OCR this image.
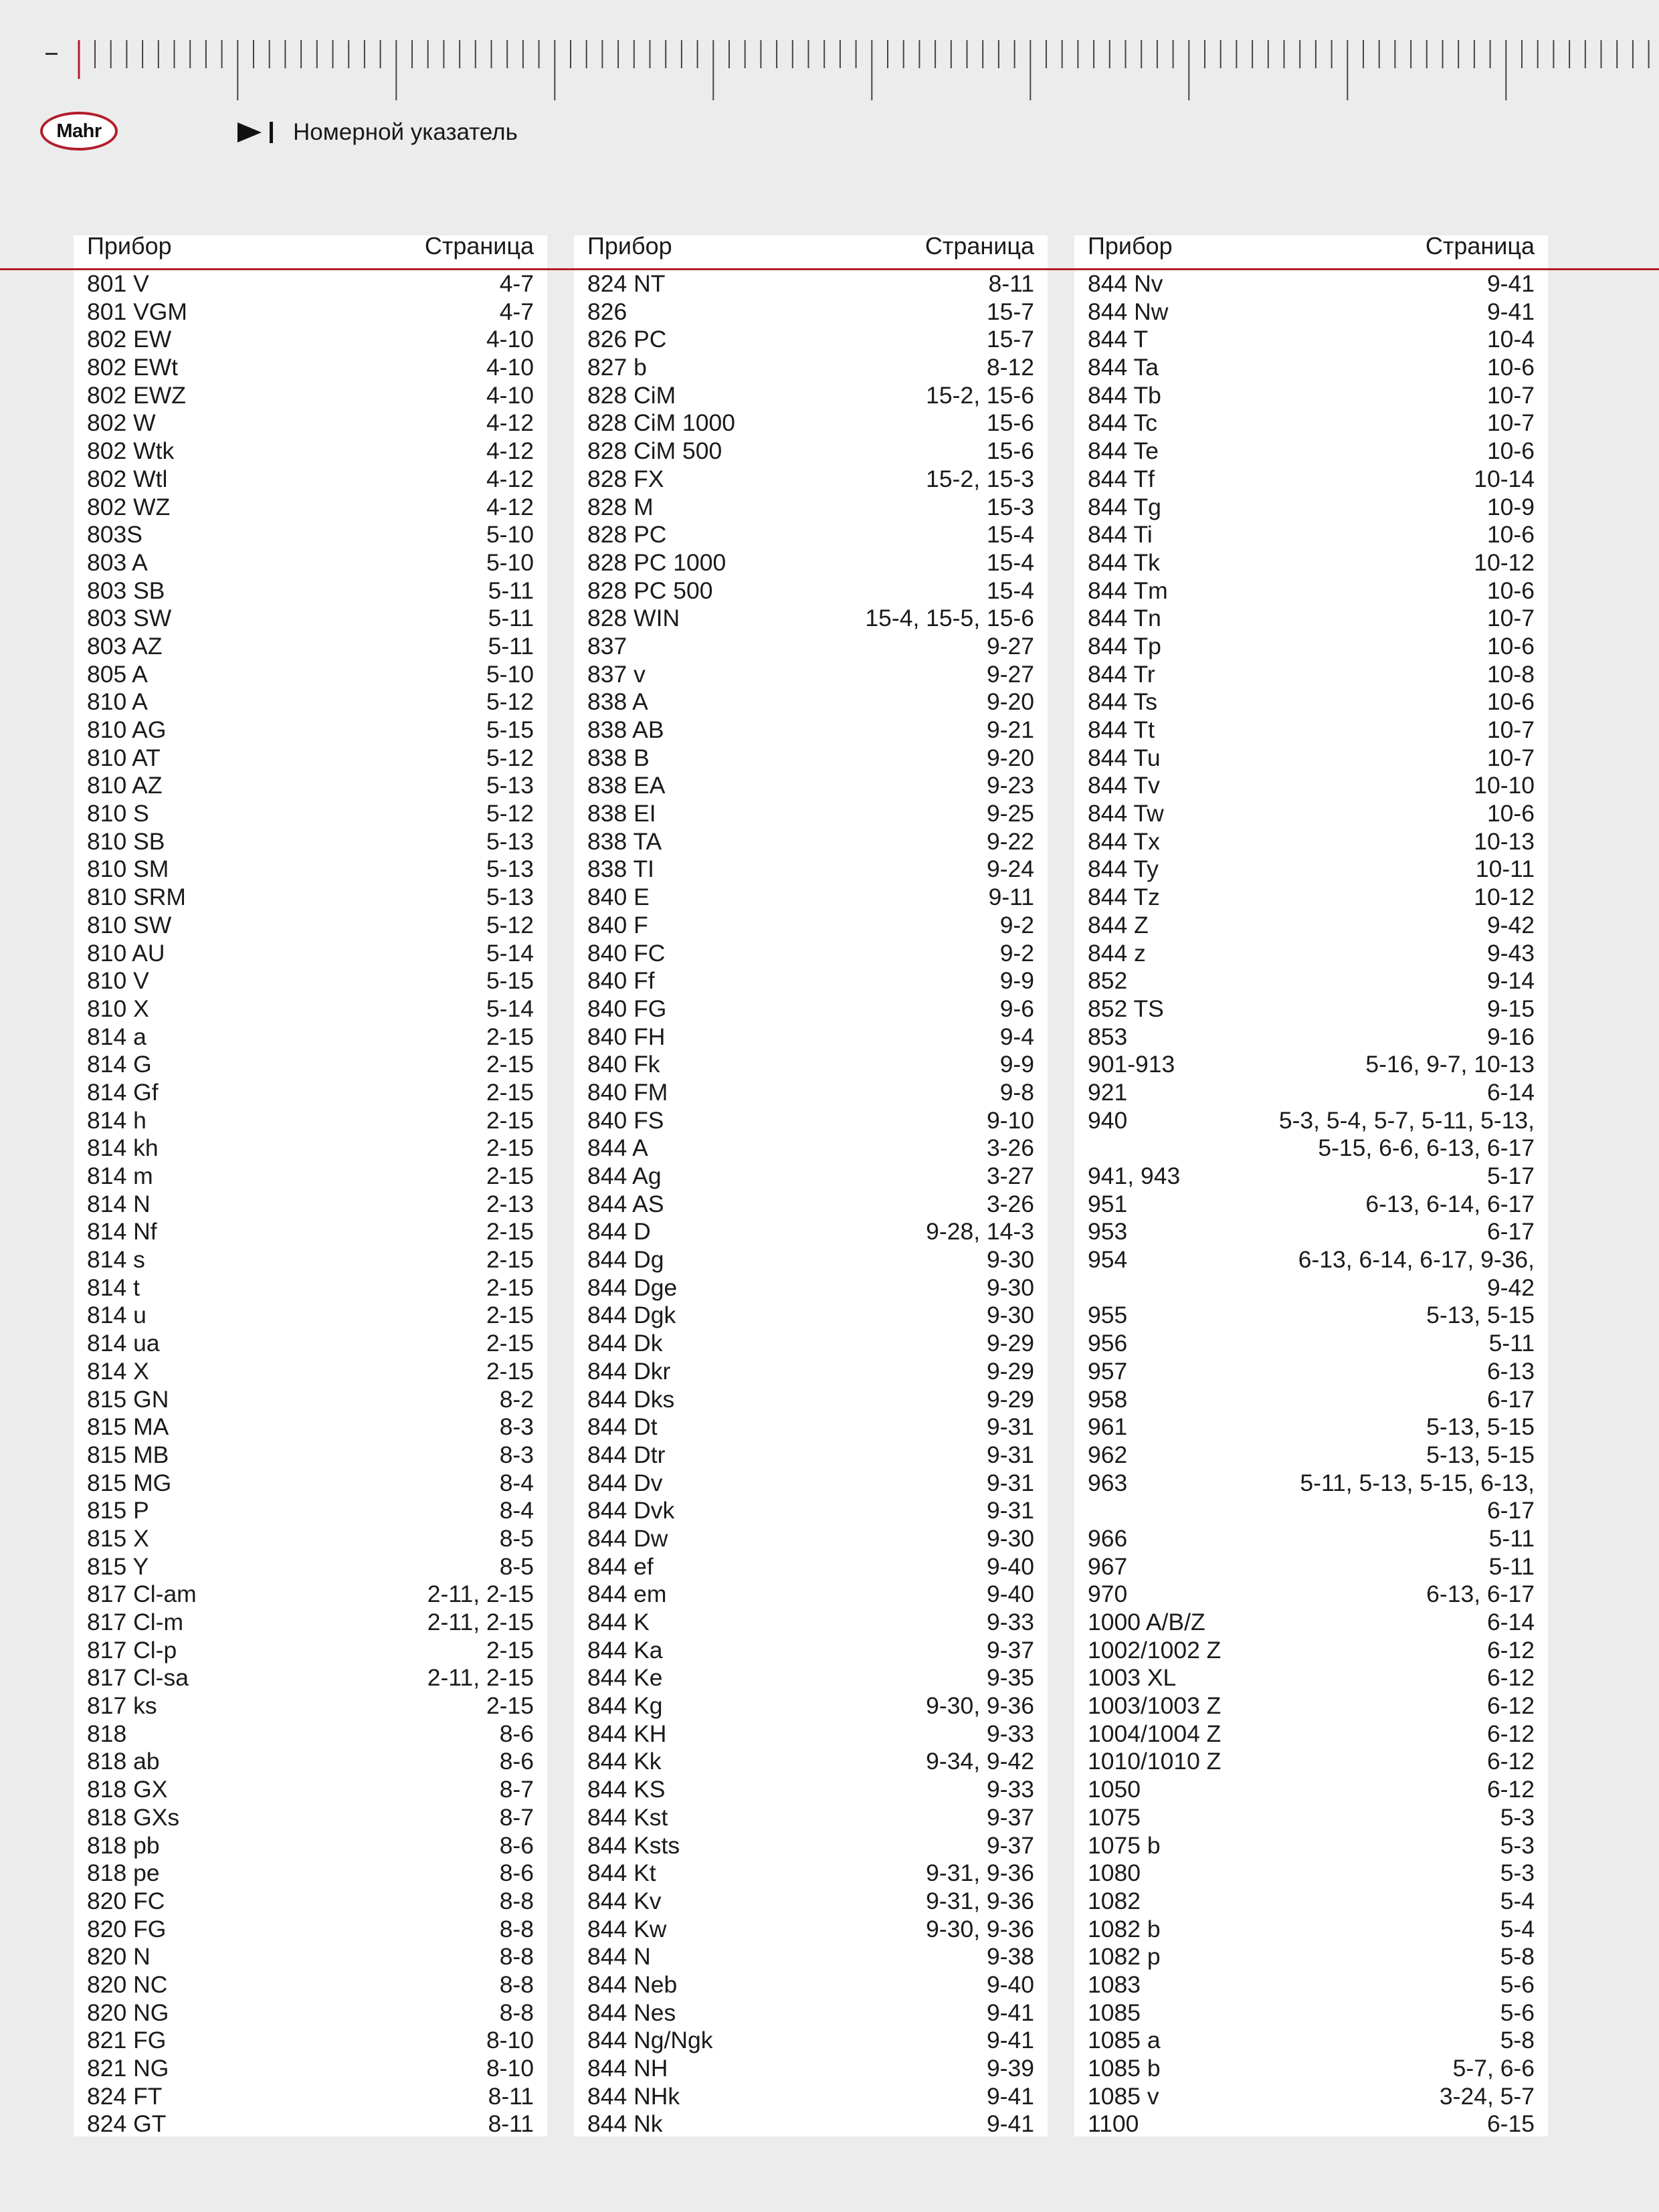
Mahr	Номерной указатель
Прибор	Страница Прибор	Страница Прибор	Страница
801 V	4-7
801 VGM	4-7
802 EW	4-10
802 EWt	4-10
802 EWZ	4-10
802 W	4-12
802 Wtk	4-12
802 Wtl	4-12
802 WZ	4-12
803S	5-10
803 A	5-10
803 SB	5-11
803 SW	5-11
803 AZ	5-11
805 A	5-10
810 A	5-12
810 AG	5-15
810 AT	5-12
810 AZ	5-13
810 S	5-12
810 SB	5-13
810 SM	5-13
810 SRM	5-13
810 SW	5-12
810 AU	5-14
810 V	5-15
810 X	5-14
814 a	2-15
814 G	2-15
814 Gf	2-15
814 h	2-15
814 kh	2-15
814 m	2-15
814 N	2-13
814 Nf	2-15
814 s	2-15
814 t	2-15
814 u	2-15
814 ua	2-15
814 X	2-15
815 GN	8-2
815 MA	8-3
815 MB	8-3
815 MG	8-4
815 P	8-4
815 X	8-5
815 Y	8-5
817 Cl-am	2-11, 2-15
817 Cl-m	2-11, 2-15
817 Cl-p	2-15
817 Cl-sa	2-11, 2-15
817 ks	2-15
818	8-6
818 ab	8-6
818 GX	8-7
818 GXs	8-7
818 pb	8-6
818 pe	8-6
820 FC	8-8
820 FG	8-8
820 N	8-8
820 NC	8-8
820 NG	8-8
821 FG	8-10
821 NG	8-10
824 FT	8-11
824 GT	8-11
824 NT	8-11
826	15-7
826 PC	15-7
827 b	8-12
828 CiM	15-2, 15-6
828 CiM 1000	15-6
828 CiM 500	15-6
828 FX	15-2, 15-3
828 M	15-3
828 PC	15-4
828 PC 1000	15-4
828 PC 500	15-4
828 WIN	15-4, 15-5, 15-6
837	9-27
837 v	9-27
838 A	9-20
838 AB	9-21
838 B	9-20
838 EA	9-23
838 EI	9-25
838 TA	9-22
838 TI	9-24
840 E	9-11
840 F	9-2
840 FC	9-2
840 Ff	9-9
840 FG	9-6
840 FH	9-4
840 Fk	9-9
840 FM	9-8
840 FS	9-10
844 A	3-26
844 Ag	3-27
844 AS	3-26
844 D	9-28, 14-3
844 Dg	9-30
844 Dge	9-30
844 Dgk	9-30
844 Dk	9-29
844 Dkr	9-29
844 Dks	9-29
844 Dt	9-31
844 Dtr	9-31
844 Dv	9-31
844 Dvk	9-31
844 Dw	9-30
844 ef	9-40
844 em	9-40
844 K	9-33
844 Ka	9-37
844 Ke	9-35
844 Kg	9-30, 9-36
844 KH	9-33
844 Kk	9-34, 9-42
844 KS	9-33
844 Kst	9-37
844 Ksts	9-37
844 Kt	9-31, 9-36
844 Kv	9-31, 9-36
844 Kw	9-30, 9-36
844 N	9-38
844 Neb	9-40
844 Nes	9-41
844 Ng/Ngk	9-41
844 NH	9-39
844 NHk	9-41
844 Nk	9-41
844 Nv	9-41
844 Nw	9-41
844 T	10-4
844 Ta	10-6
844 Tb	10-7
844 Tc	10-7
844 Te	10-6
844 Tf	10-14
844 Tg	10-9
844 Ti	10-6
844 Tk	10-12
844 Tm	10-6
844 Tn	10-7
844 Tp	10-6
844 Tr	10-8
844 Ts	10-6
844 Tt	10-7
844 Tu	10-7
844 Tv	10-10
844 Tw	10-6
844 Tx	10-13
844 Ty	10-11
844 Tz	10-12
844 Z	9-42
844 z	9-43
852	9-14
852 TS	9-15
853	9-16
901-913	5-16, 9-7, 10-13
921	6-14
940	5-3, 5-4, 5-7, 5-11, 5-13,
5-15, 6-6, 6-13, 6-17
941, 943	5-17
951	6-13, 6-14, 6-17
953	6-17
954	6-13, 6-14, 6-17, 9-36,
9-42
955	5-13, 5-15
956	5-11
957	6-13
958	6-17
961	5-13, 5-15
962	5-13, 5-15
963	5-11, 5-13, 5-15, 6-13,
6-17
966	5-11
967	5-11
970	6-13, 6-17
1000 A/B/Z	6-14
1002/1002 Z	6-12
1003 XL	6-12
1003/1003 Z	6-12
1004/1004 Z	6-12
1010/1010 Z	6-12
1050	6-12
1075	5-3
1075 b	5-3
1080	5-3
1082	5-4
1082 b	5-4
1082 p	5-8
1083	5-6
1085	5-6
1085 a	5-8
1085 b	5-7, 6-6
1085 v	3-24, 5-7
1100	6-15
